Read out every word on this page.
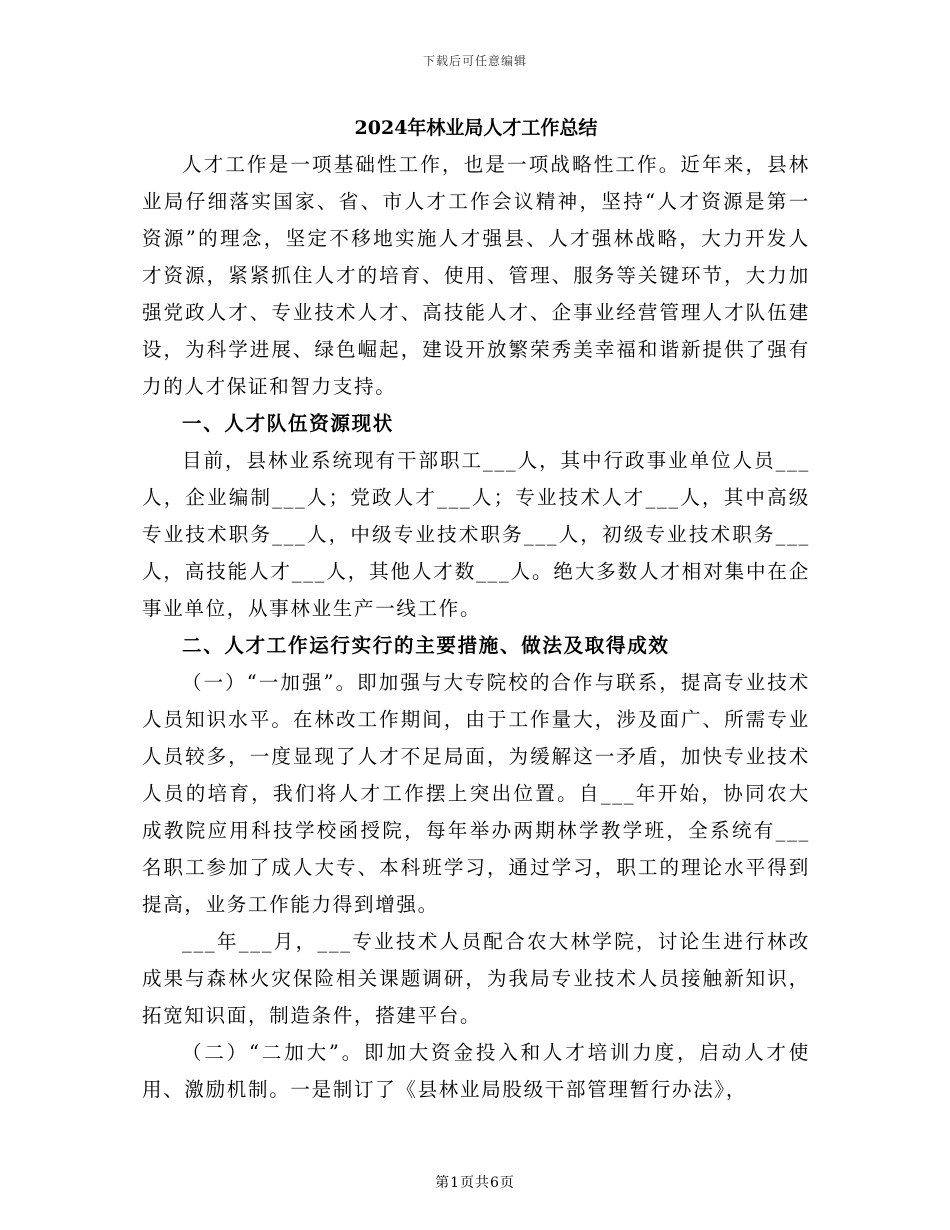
下载后可任意编辑
2024年林业局人才工作总结

人才工作是一项基础性工作，也是一项战略性工作。近年来，县林业局仔细落实国家、省、市人才工作会议精神，坚持“人才资源是第一资源”的理念，坚定不移地实施人才强县、人才强林战略，大力开发人才资源，紧紧抓住人才的培育、使用、管理、服务等关键环节，大力加强党政人才、专业技术人才、高技能人才、企事业经营管理人才队伍建设，为科学进展、绿色崛起，建设开放繁荣秀美幸福和谐新提供了强有力的人才保证和智力支持。

一、人才队伍资源现状

目前，县林业系统现有干部职工___人，其中行政事业单位人员___人，企业编制___人；党政人才___人；专业技术人才___人，其中高级专业技术职务___人，中级专业技术职务___人，初级专业技术职务___人，高技能人才___人，其他人才数___人。绝大多数人才相对集中在企事业单位，从事林业生产一线工作。

二、人才工作运行实行的主要措施、做法及取得成效

（一）“一加强”。即加强与大专院校的合作与联系，提高专业技术人员知识水平。在林改工作期间，由于工作量大，涉及面广、所需专业人员较多，一度显现了人才不足局面，为缓解这一矛盾，加快专业技术人员的培育，我们将人才工作摆上突出位置。自___年开始，协同农大成教院应用科技学校函授院，每年举办两期林学教学班，全系统有___名职工参加了成人大专、本科班学习，通过学习，职工的理论水平得到提高，业务工作能力得到增强。

___年___月，___专业技术人员配合农大林学院，讨论生进行林改成果与森林火灾保险相关课题调研，为我局专业技术人员接触新知识，拓宽知识面，制造条件，搭建平台。

（二）“二加大”。即加大资金投入和人才培训力度，启动人才使用、激励机制。一是制订了《县林业局股级干部管理暂行办法》，

第1页共6页
